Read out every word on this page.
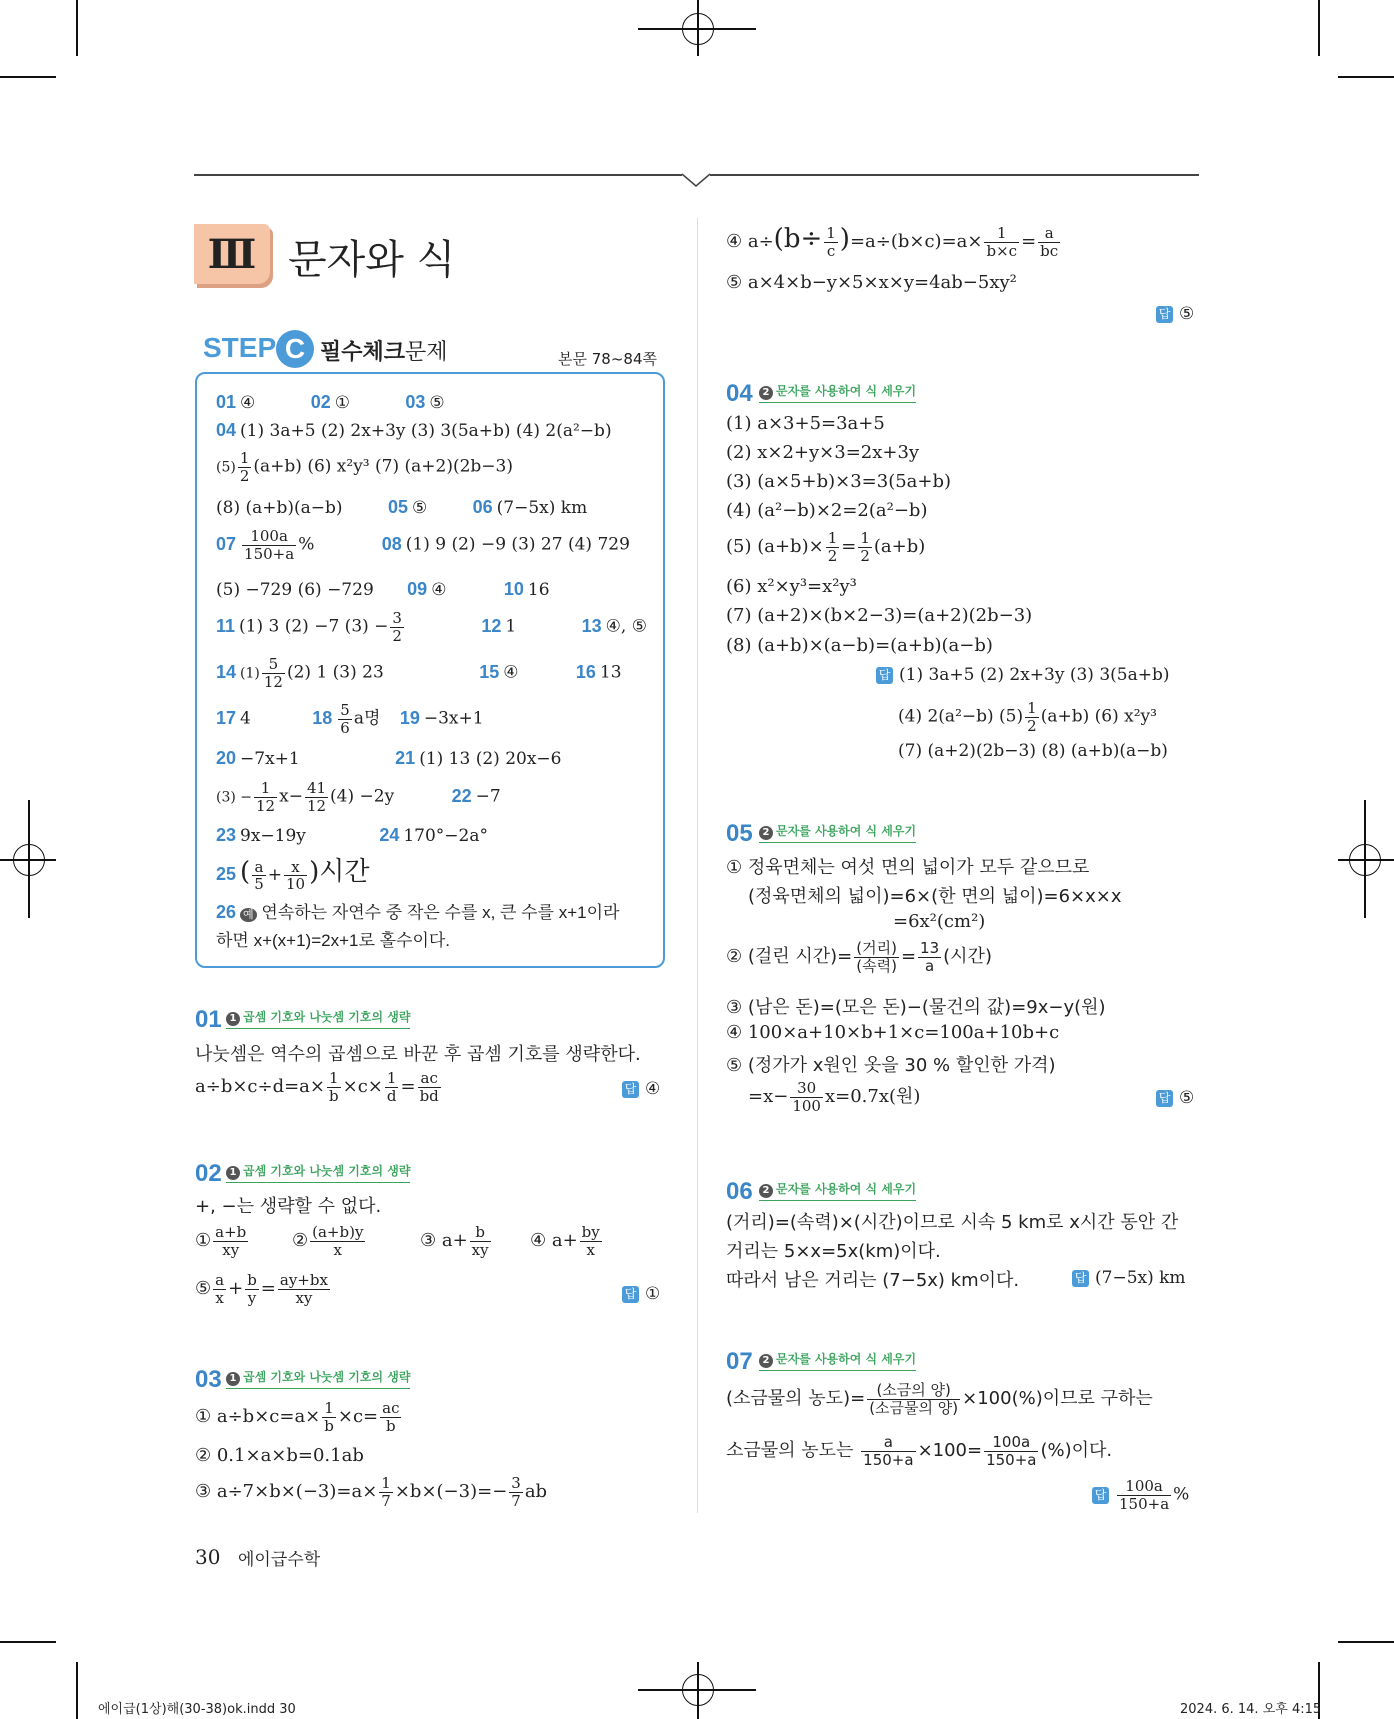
Ⅲ 문자와 식
STEP C 필수체크문제	본문 78~84쪽
01 ④	02 ①	03 ⑤
04 (1) 3a+5 (2) 2x+3y (3) 3(5a+b) (4) 2(a²−b)
$(5) \frac{1}{2} (a+b)$ (6) x²y³ (7) (a+2)(2b−3)
(8) (a+b)(a−b)	05 ⑤	06 (7−5x) km
$07 \frac{100a}{150+a}$ %	08 (1) 9 (2) −9 (3) 27 (4) 729
(5) −729 (6) −729 09 ④	10 16
11 (1) 3 (2) −7 $(3) - \frac{3}{2}$	12 1	13 ④, ⑤
14 $(1) \frac{5}{12} (2)$ 1 (3) 23	15 ④	16 13
17 4	$18 \frac{5}{6}$ a명 19 −3x+1
20 −7x+1	21 (1) 13 (2) 20x−6
$(3) - \frac{1}{12} x- \frac{41}{12} (4) -2y$	22 −7
23 9x−19y	24 170°−2a°
25 ( $\frac{a}{5} + \frac{x}{10}$ )시간
26 예 연속하는 자연수 중 작은 수를 x, 큰 수를 x+1이라
하면 x+(x+1)=2x+1로 홀수이다.
01 1 곱셈 기호와 나눗셈 기호의 생략
나눗셈은 역수의 곱셈으로 바꾼 후 곱셈 기호를 생략한다.
$a\div b\times c\div d=a\times \frac{1}{b} \times c\times \frac{1}{d} = \frac{ac}{bd}$	답 ④
02 1 곱셈 기호와 나눗셈 기호의 생략
+, −는 생략할 수 없다.
① $\frac{a+b}{xy}$ ② $\frac{(a+b)y}{x}$	③ $a+ \frac{b}{xy}$ ④ $a+ \frac{by}{x}$
⑤ $\frac{a}{x} + \frac{b}{y} = \frac{ay+bx}{xy}$	답 ①
03 1 곱셈 기호와 나눗셈 기호의 생략
① $a\div b\times c=a\times \frac{1}{b} \times c= \frac{ac}{b}$
② 0.1×a×b=0.1ab
③ $a\div 7\times b\times(-3)=a\times \frac{1}{7} \times b\times(-3)=- \frac{3}{7}$ ab
④ $a\div(b\div \frac{1}{c} )=a\div(b\times c)=a\times \frac{1}{b\times c} = \frac{a}{bc}$
⑤ a×4×b−y×5×x×y=4ab−5xy²
답 ⑤
04 2 문자를 사용하여 식 세우기
(1) a×3+5=3a+5
(2) x×2+y×3=2x+3y
(3) (a×5+b)×3=3(5a+b)
(4) (a²−b)×2=2(a²−b)
(5) $(a+b)\times \frac{1}{2} = \frac{1}{2} (a+b)$
(6) x²×y³=x²y³
(7) (a+2)×(b×2−3)=(a+2)(2b−3)
(8) (a+b)×(a−b)=(a+b)(a−b)
답 (1) 3a+5 (2) 2x+3y (3) 3(5a+b)
(4) 2(a²−b) $(5) \frac{1}{2} (a+b)$ (6) x²y³
(7) (a+2)(2b−3) (8) (a+b)(a−b)
05 2 문자를 사용하여 식 세우기
① 정육면체는 여섯 면의 넓이가 모두 같으므로
(정육면체의 넓이)=6×(한 면의 넓이)=6×x×x
=6x²(cm²)
② (걸린 시간)= $\frac{\text{(거리)}}{\text{(속력)}} = \frac{13}{a}$ (시간)
③ (남은 돈)=(모은 돈)−(물건의 값)=9x−y(원)
④ 100×a+10×b+1×c=100a+10b+c
⑤ (정가가 x원인 옷을 30 % 할인한 가격)
$=x- \frac{30}{100} x=0.7x$(원)	답 ⑤
06 2 문자를 사용하여 식 세우기
(거리)=(속력)×(시간)이므로 시속 5 km로 x시간 동안 간
거리는 5×x=5x(km)이다.
따라서 남은 거리는 (7−5x) km이다.	답 (7−5x) km
07 2 문자를 사용하여 식 세우기
(소금물의 농도)= $\frac{\text{(소금의 양)}}{\text{(소금물의 양)}} \times 100(\%)$이므로 구하는
소금물의 농도는 $\frac{a}{150+a} \times 100= \frac{100a}{150+a}$ (%)이다.
답 $\frac{100a}{150+a}$ %
30 에이급수학
에이급(1상)해(30-38)ok.indd 30	2024. 6. 14. 오후 4:15
